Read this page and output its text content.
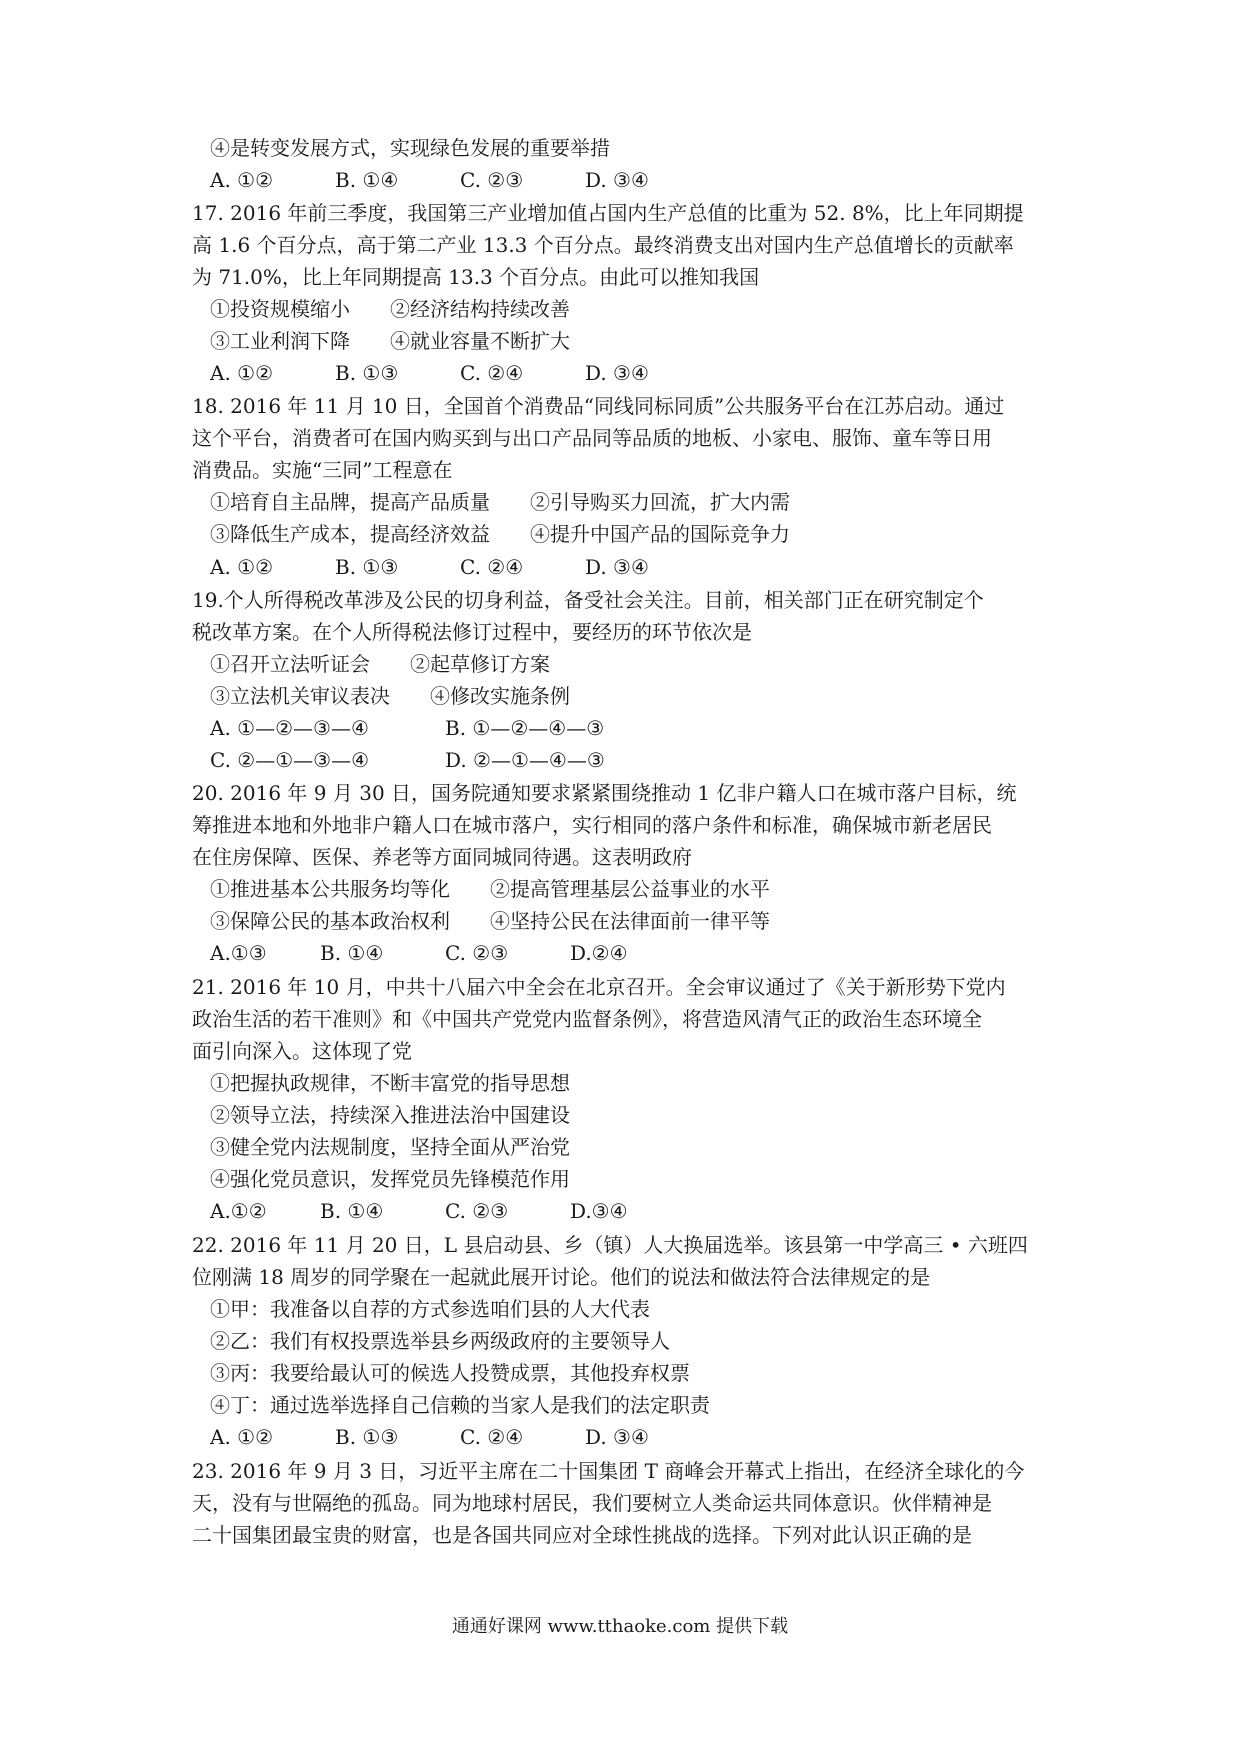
④是转变发展方式，实现绿色发展的重要举措
A. ①②	B. ①④	C. ②③	D. ③④
17. 2016 年前三季度，我国第三产业增加值占国内生产总值的比重为 52. 8%，比上年同期提
高 1.6 个百分点，高于第二产业 13.3 个百分点。最终消费支出对国内生产总值增长的贡献率
为 71.0%，比上年同期提高 13.3 个百分点。由此可以推知我国
①投资规模缩小　　②经济结构持续改善
③工业利润下降　　④就业容量不断扩大
A. ①②	B. ①③	C. ②④	D. ③④
18. 2016 年 11 月 10 日，全国首个消费品“同线同标同质”公共服务平台在江苏启动。通过
这个平台，消费者可在国内购买到与出口产品同等品质的地板、小家电、服饰、童车等日用
消费品。实施“三同”工程意在
①培育自主品牌，提高产品质量　　②引导购买力回流，扩大内需
③降低生产成本，提高经济效益　　④提升中国产品的国际竞争力
A. ①②	B. ①③	C. ②④	D. ③④
19.个人所得税改革涉及公民的切身利益，备受社会关注。目前，相关部门正在研究制定个
税改革方案。在个人所得税法修订过程中，要经历的环节依次是
①召开立法听证会　　②起草修订方案
③立法机关审议表决　　④修改实施条例
A. ①—②—③—④	B. ①—②—④—③
C. ②—①—③—④	D. ②—①—④—③
20. 2016 年 9 月 30 日，国务院通知要求紧紧围绕推动 1 亿非户籍人口在城市落户目标，统
筹推进本地和外地非户籍人口在城市落户，实行相同的落户条件和标准，确保城市新老居民
在住房保障、医保、养老等方面同城同待遇。这表明政府
①推进基本公共服务均等化　　②提高管理基层公益事业的水平
③保障公民的基本政治权利　　④坚持公民在法律面前一律平等
A.①③	B. ①④	C. ②③	D.②④
21. 2016 年 10 月，中共十八届六中全会在北京召开。全会审议通过了《关于新形势下党内
政治生活的若干准则》和《中国共产党党内监督条例》，将营造风清气正的政治生态环境全
面引向深入。这体现了党
①把握执政规律，不断丰富党的指导思想
②领导立法，持续深入推进法治中国建设
③健全党内法规制度，坚持全面从严治党
④强化党员意识，发挥党员先锋模范作用
A.①②	B. ①④	C. ②③	D.③④
22. 2016 年 11 月 20 日，L 县启动县、乡（镇）人大换届选举。该县第一中学高三 • 六班四
位刚满 18 周岁的同学聚在一起就此展开讨论。他们的说法和做法符合法律规定的是
①甲：我准备以自荐的方式参选咱们县的人大代表
②乙：我们有权投票选举县乡两级政府的主要领导人
③丙：我要给最认可的候选人投赞成票，其他投弃权票
④丁：通过选举选择自己信赖的当家人是我们的法定职责
A. ①②	B. ①③	C. ②④	D. ③④
23. 2016 年 9 月 3 日，习近平主席在二十国集团 T 商峰会开幕式上指出，在经济全球化的今
天，没有与世隔绝的孤岛。同为地球村居民，我们要树立人类命运共同体意识。伙伴精神是
二十国集团最宝贵的财富，也是各国共同应对全球性挑战的选择。下列对此认识正确的是
通通好课网 www.tthaoke.com 提供下载
